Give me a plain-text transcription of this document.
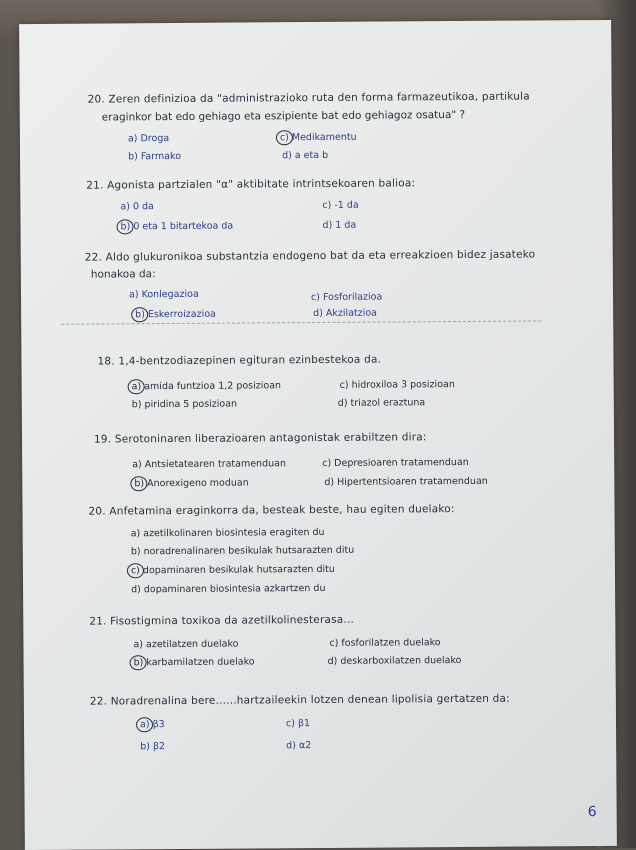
20. Zeren definizioa da "administrazioko ruta den forma farmazeutikoa, partikula
eraginkor bat edo gehiago eta eszipiente bat edo gehiagoz osatua" ?
a) Droga	c) Medikamentu
b) Farmako	d) a eta b
21. Agonista partzialen "α" aktibitate intrintsekoaren balioa:
a) 0 da	c) -1 da
b) 0 eta 1 bitartekoa da	d) 1 da
22. Aldo glukuronikoa substantzia endogeno bat da eta erreakzioen bidez jasateko
honakoa da:
a) Konlegazioa	c) Fosforilazioa
b) Eskerroizazioa	d) Akzilatzioa
18. 1,4-bentzodiazepinen egituran ezinbestekoa da.
a) amida funtzioa 1,2 posizioan	c) hidroxiloa 3 posizioan
b) piridina 5 posizioan	d) triazol eraztuna
19. Serotoninaren liberazioaren antagonistak erabiltzen dira:
a) Antsietatearen tratamenduan	c) Depresioaren tratamenduan
b) Anorexigeno moduan	d) Hipertentsioaren tratamenduan
20. Anfetamina eraginkorra da, besteak beste, hau egiten duelako:
a) azetilkolinaren biosintesia eragiten du
b) noradrenalinaren besikulak hutsarazten ditu
c) dopaminaren besikulak hutsarazten ditu
d) dopaminaren biosintesia azkartzen du
21. Fisostigmina toxikoa da azetilkolinesterasa...
a) azetilatzen duelako	c) fosforilatzen duelako
b) karbamilatzen duelako	d) deskarboxilatzen duelako
22. Noradrenalina bere......hartzaileekin lotzen denean lipolisia gertatzen da:
a) β3	c) β1
b) β2	d) α2
6
